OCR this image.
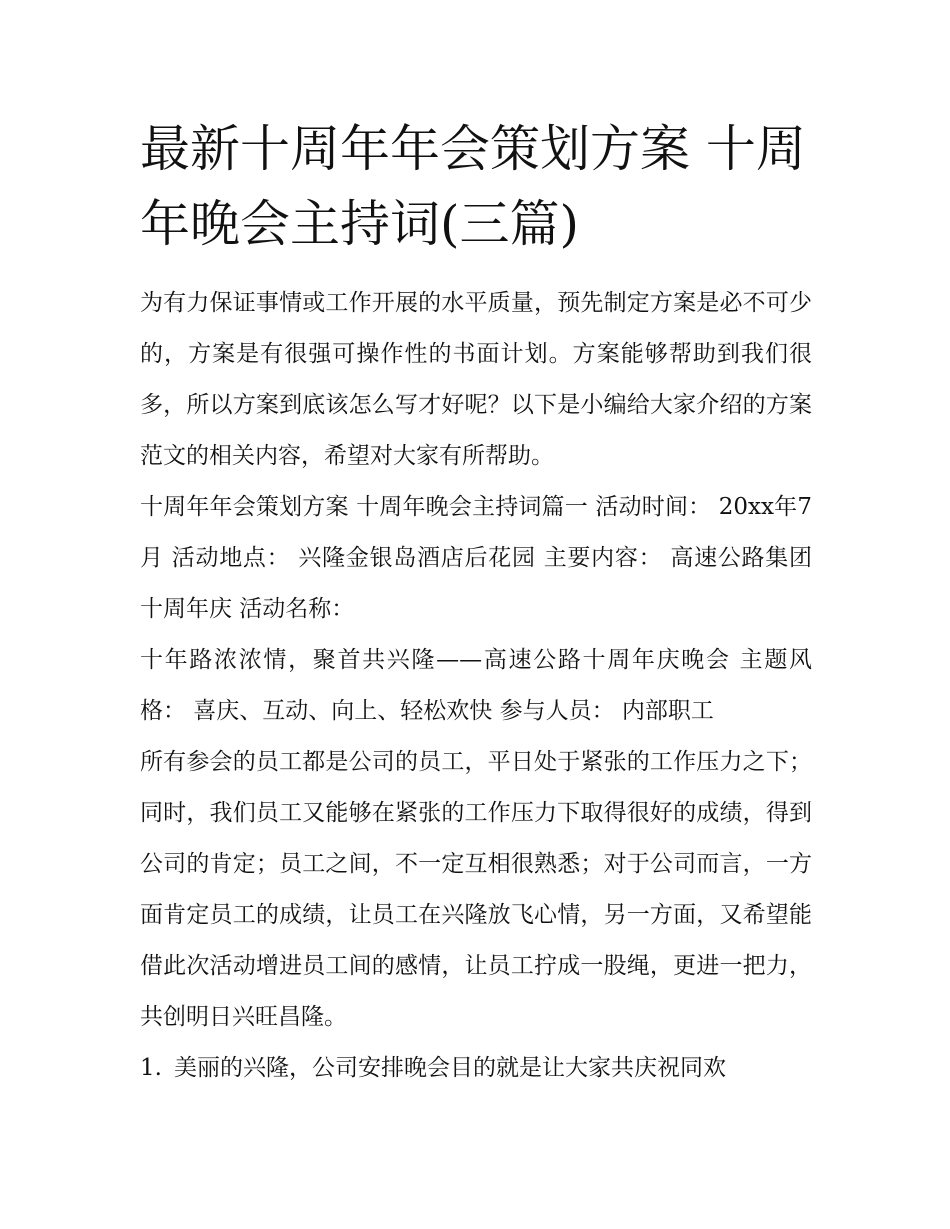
最新十周年年会策划方案 十周年晚会主持词(三篇)

为有力保证事情或工作开展的水平质量，预先制定方案是必不可少的，方案是有很强可操作性的书面计划。方案能够帮助到我们很多，所以方案到底该怎么写才好呢？以下是小编给大家介绍的方案范文的相关内容，希望对大家有所帮助。

十周年年会策划方案 十周年晚会主持词篇一 活动时间： 20xx年7月 活动地点： 兴隆金银岛酒店后花园 主要内容： 高速公路集团十周年庆 活动名称：

十年路浓浓情，聚首共兴隆——高速公路十周年庆晚会 主题风格： 喜庆、互动、向上、轻松欢快 参与人员： 内部职工

所有参会的员工都是公司的员工，平日处于紧张的工作压力之下；同时，我们员工又能够在紧张的工作压力下取得很好的成绩，得到公司的肯定；员工之间，不一定互相很熟悉；对于公司而言，一方面肯定员工的成绩，让员工在兴隆放飞心情，另一方面，又希望能借此次活动增进员工间的感情，让员工拧成一股绳，更进一把力，共创明日兴旺昌隆。

1. 美丽的兴隆，公司安排晚会目的就是让大家共庆祝同欢
